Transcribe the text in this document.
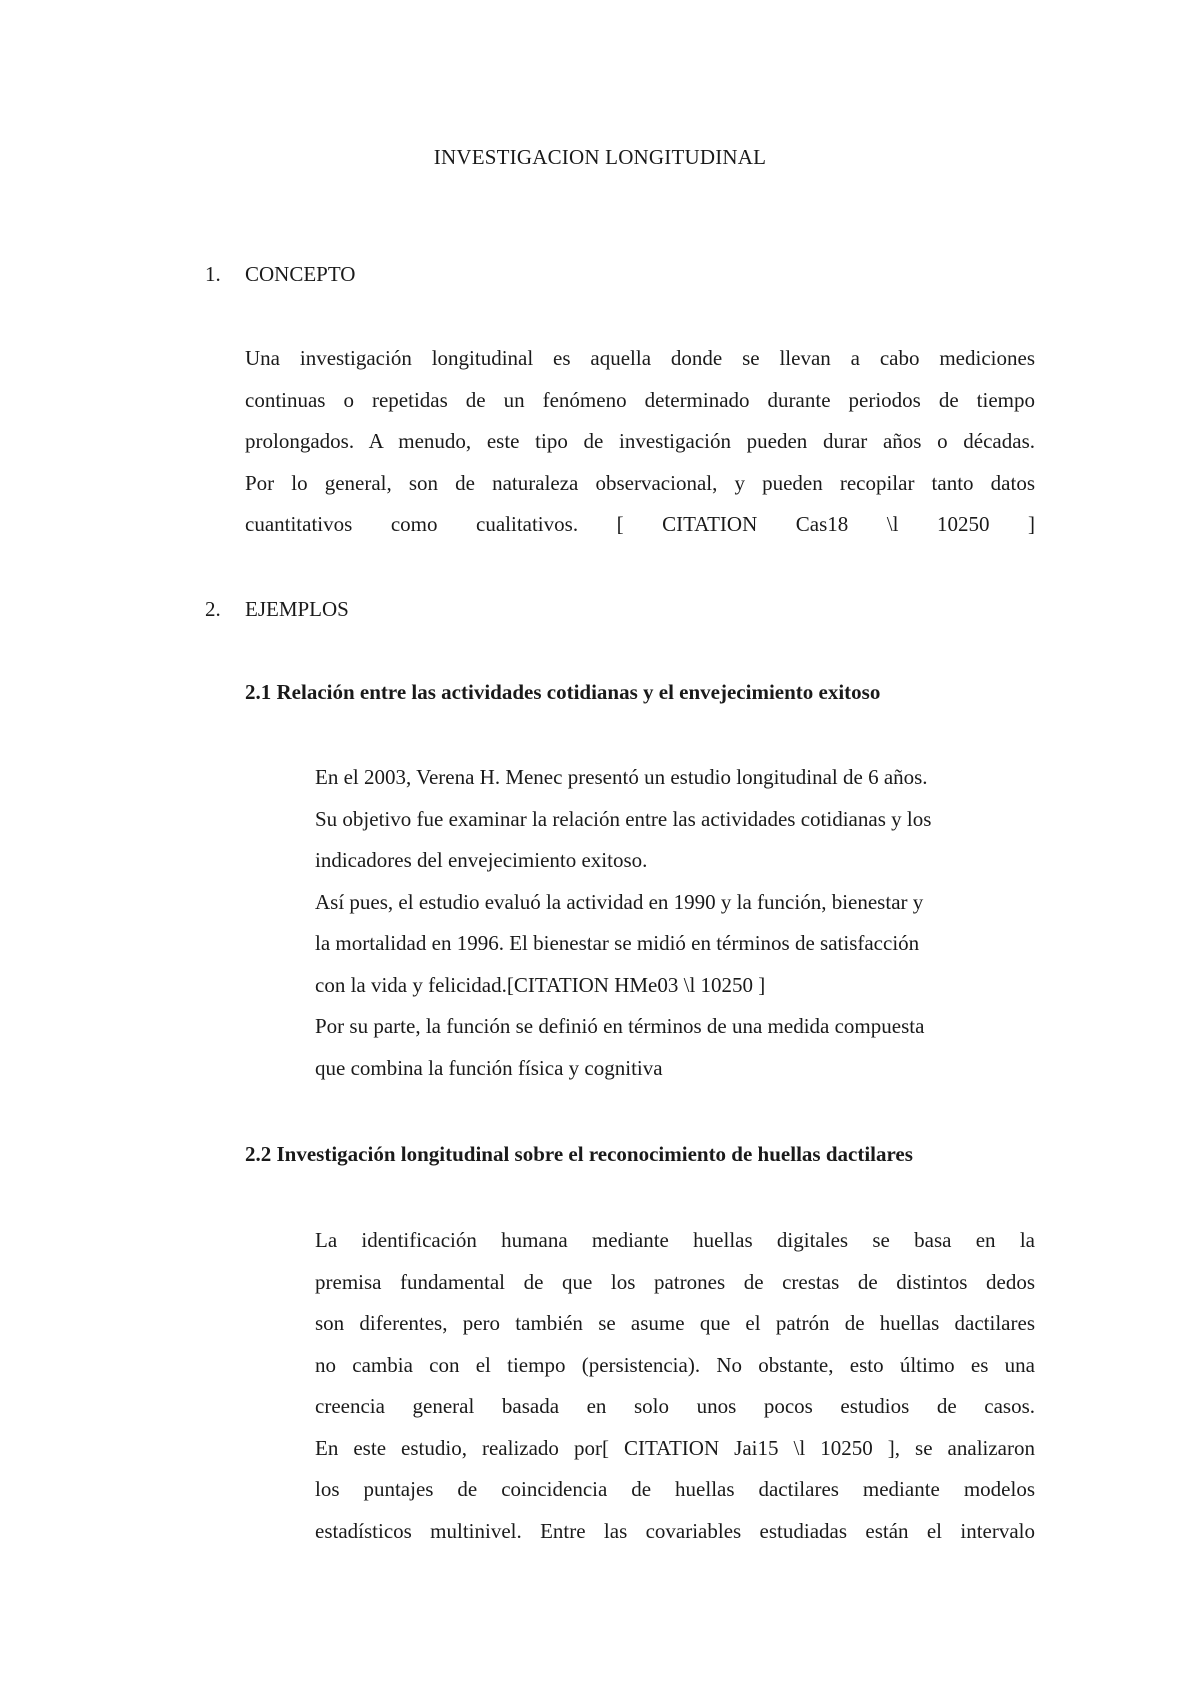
INVESTIGACION LONGITUDINAL
1.	CONCEPTO
Una investigación longitudinal es aquella donde se llevan a cabo mediciones
continuas o repetidas de un fenómeno determinado durante periodos de tiempo
prolongados. A menudo, este tipo de investigación pueden durar años o décadas.
Por lo general, son de naturaleza observacional, y pueden recopilar tanto datos
cuantitativos como cualitativos. [ CITATION Cas18 \l 10250 ]
2.	EJEMPLOS
2.1 Relación entre las actividades cotidianas y el envejecimiento exitoso
En el 2003, Verena H. Menec presentó un estudio longitudinal de 6 años.
Su objetivo fue examinar la relación entre las actividades cotidianas y los
indicadores del envejecimiento exitoso.
Así pues, el estudio evaluó la actividad en 1990 y la función, bienestar y
la mortalidad en 1996. El bienestar se midió en términos de satisfacción
con la vida y felicidad.[CITATION HMe03 \l 10250 ]
Por su parte, la función se definió en términos de una medida compuesta
que combina la función física y cognitiva
2.2 Investigación longitudinal sobre el reconocimiento de huellas dactilares
La identificación humana mediante huellas digitales se basa en la
premisa fundamental de que los patrones de crestas de distintos dedos
son diferentes, pero también se asume que el patrón de huellas dactilares
no cambia con el tiempo (persistencia). No obstante, esto último es una
creencia general basada en solo unos pocos estudios de casos.
En este estudio, realizado por[ CITATION Jai15 \l 10250 ], se analizaron
los puntajes de coincidencia de huellas dactilares mediante modelos
estadísticos multinivel. Entre las covariables estudiadas están el intervalo
